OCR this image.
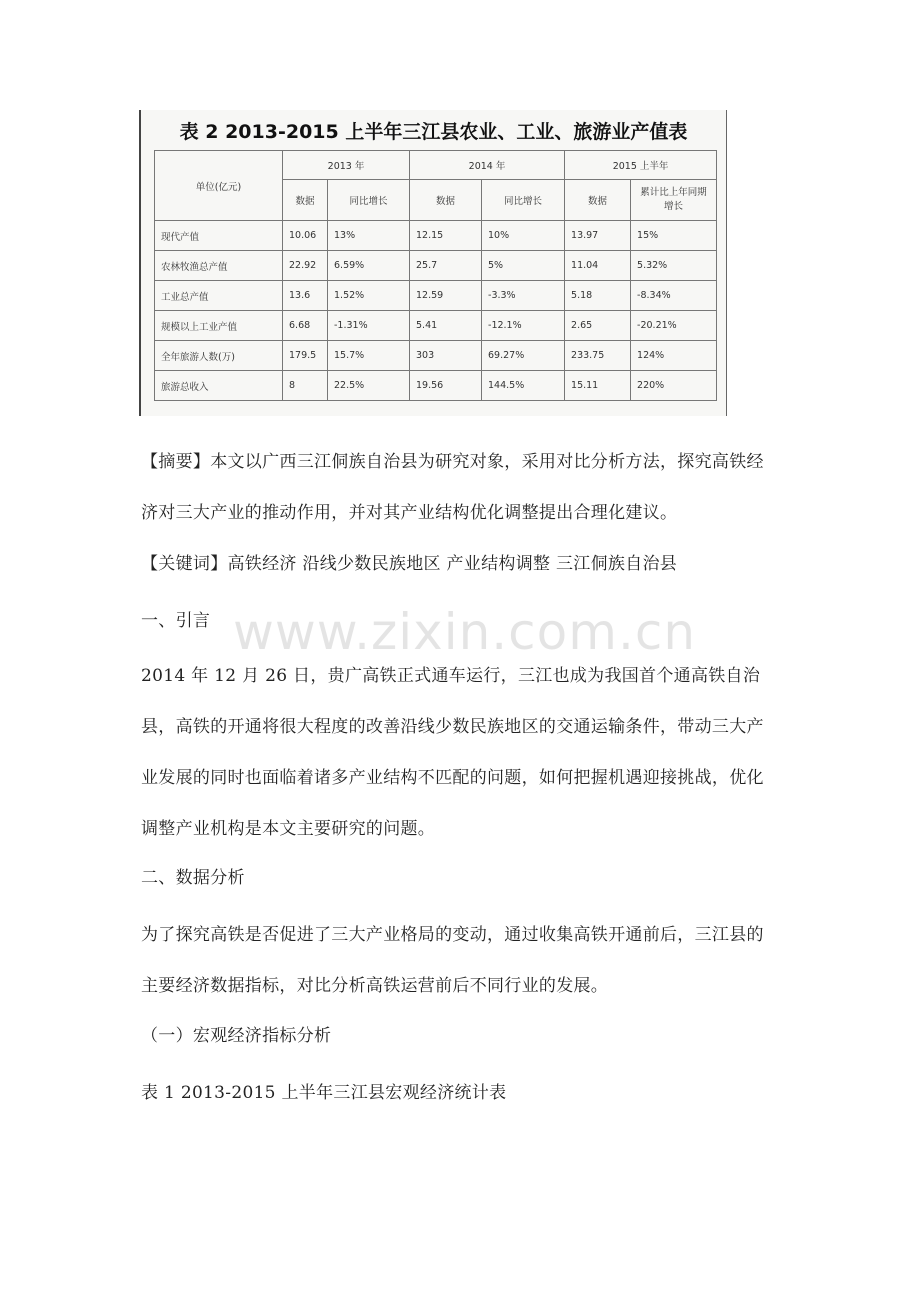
表 2 2013-2015 上半年三江县农业、工业、旅游业产值表
单位(亿元)	2013 年		2014 年		2015 上半年	
	数据	同比增长	数据	同比增长	数据	累计比上年同期增长
现代产值	10.06	13%	12.15	10%	13.97	15%
农林牧渔总产值	22.92	6.59%	25.7	5%	11.04	5.32%
工业总产值	13.6	1.52%	12.59	-3.3%	5.18	-8.34%
规模以上工业产值	6.68	-1.31%	5.41	-12.1%	2.65	-20.21%
全年旅游人数(万)	179.5	15.7%	303	69.27%	233.75	124%
旅游总收入	8	22.5%	19.56	144.5%	15.11	220%
www.zixin.com.cn

【摘要】本文以广西三江侗族自治县为研究对象，采用对比分析方法，探究高铁经济对三大产业的推动作用，并对其产业结构优化调整提出合理化建议。

【关键词】高铁经济 沿线少数民族地区 产业结构调整 三江侗族自治县

一、引言

2014 年 12 月 26 日，贵广高铁正式通车运行，三江也成为我国首个通高铁自治县，高铁的开通将很大程度的改善沿线少数民族地区的交通运输条件，带动三大产业发展的同时也面临着诸多产业结构不匹配的问题，如何把握机遇迎接挑战，优化调整产业机构是本文主要研究的问题。

二、数据分析

为了探究高铁是否促进了三大产业格局的变动，通过收集高铁开通前后，三江县的主要经济数据指标，对比分析高铁运营前后不同行业的发展。

（一）宏观经济指标分析

表 1 2013-2015 上半年三江县宏观经济统计表
